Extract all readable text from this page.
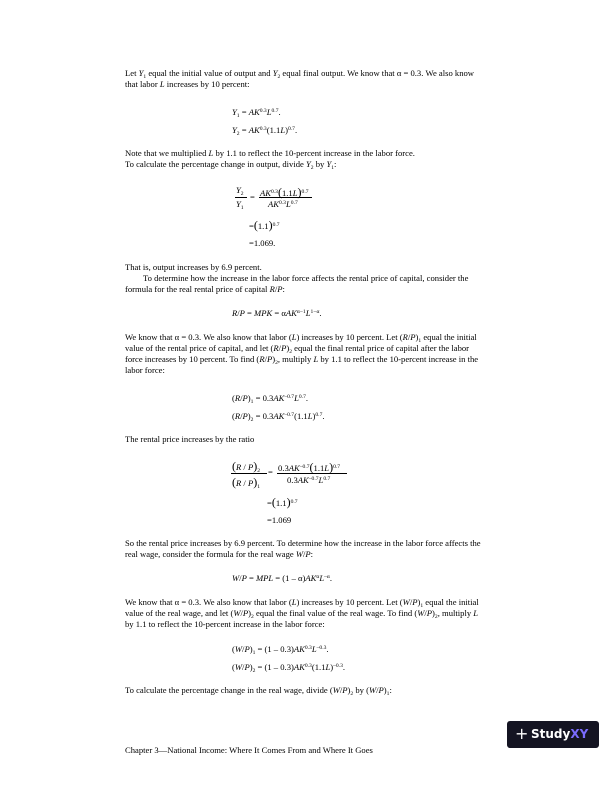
Let $Y_1$ equal the initial value of output and $Y_2$ equal final output. We know that α = 0.3. We also know that labor L increases by 10 percent:

$Y_1 = AK^{0.3}L^{0.7}$.
$Y_2 = AK^{0.3}(1.1L)^{0.7}$.

Note that we multiplied L by 1.1 to reflect the 10-percent increase in the labor force.
To calculate the percentage change in output, divide $Y_2$ by $Y_1$:

$Y_2$
$Y_1$
= $AK^{0.3}(1.1L)^{0.7}$
$AK^{0.3}L^{0.7}$
$=(1.1)^{0.7}$
=1.069.

That is, output increases by 6.9 percent.
To determine how the increase in the labor force affects the rental price of capital, consider the formula for the real rental price of capital R/P:

R/P = MPK = $\alpha AK^{\alpha-1}L^{1-\alpha}$.

We know that α = 0.3. We also know that labor (L) increases by 10 percent. Let $(R/P)_1$ equal the initial value of the rental price of capital, and let $(R/P)_2$ equal the final rental price of capital after the labor force increases by 10 percent. To find $(R/P)_2$, multiply L by 1.1 to reflect the 10-percent increase in the labor force:

$(R/P)_1 = 0.3AK^{-0.7}L^{0.7}$.
$(R/P)_2 = 0.3AK^{-0.7}(1.1L)^{0.7}$.

The rental price increases by the ratio

$(R / P)_2$
$(R / P)_1$
= $0.3AK^{-0.7}(1.1L)^{0.7}$
$0.3AK^{-0.7}L^{0.7}$
$=(1.1)^{0.7}$
=1.069

So the rental price increases by 6.9 percent. To determine how the increase in the labor force affects the real wage, consider the formula for the real wage W/P:

W/P = MPL = $(1 - \alpha)AK^\alpha L^{-\alpha}$.

We know that α = 0.3. We also know that labor (L) increases by 10 percent. Let $(W/P)_1$ equal the initial value of the real wage, and let $(W/P)_2$ equal the final value of the real wage. To find $(W/P)_2$, multiply L by 1.1 to reflect the 10-percent increase in the labor force:

$(W/P)_1 = (1 - 0.3)AK^{0.3}L^{-0.3}$.
$(W/P)_2 = (1 - 0.3)AK^{0.3}(1.1L)^{-0.3}$.

To calculate the percentage change in the real wage, divide $(W/P)_2$ by $(W/P)_1$:

Chapter 3—National Income: Where It Comes From and Where It Goes
+ StudyXY
